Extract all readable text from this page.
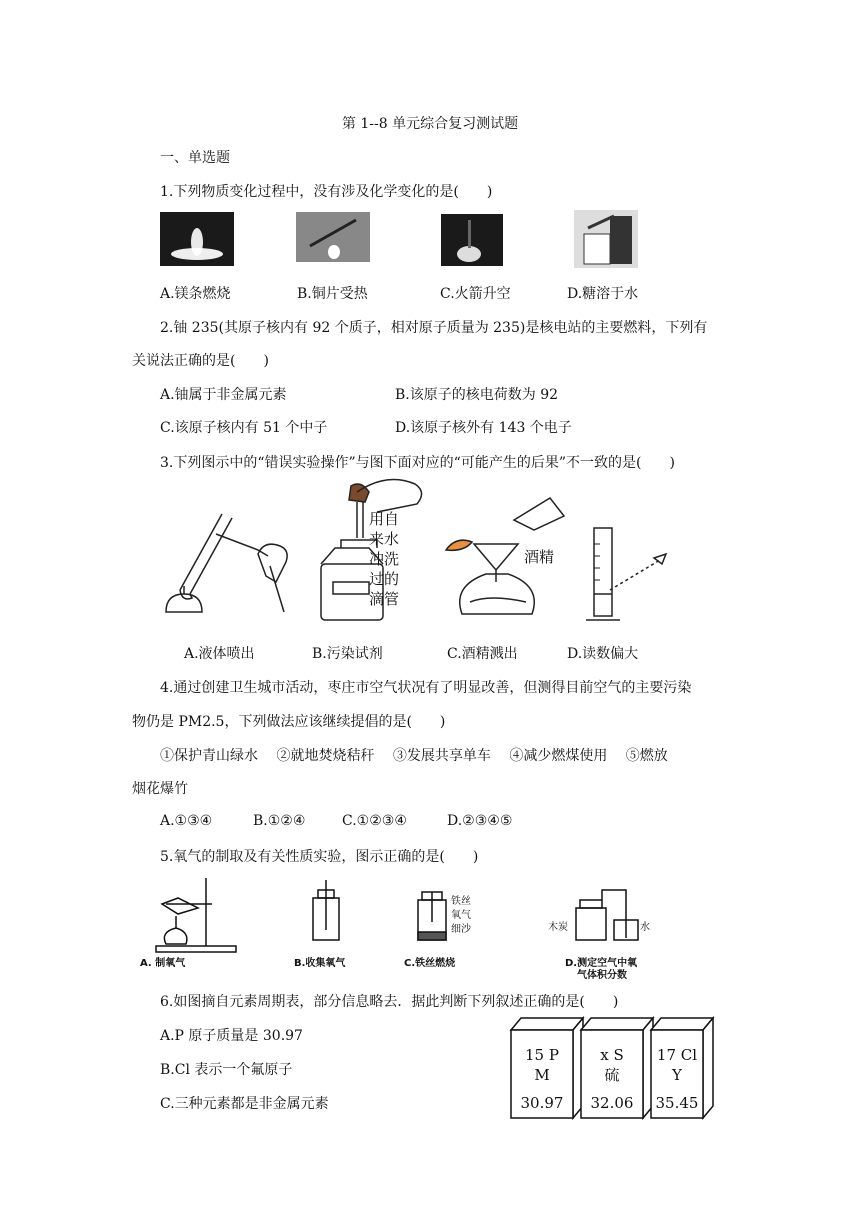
第 1--8 单元综合复习测试题
一、单选题
1.下列物质变化过程中，没有涉及化学变化的是(　　)
A.镁条燃烧	B.铜片受热	C.火箭升空	D.糖溶于水
2.铀 235(其原子核内有 92 个质子，相对原子质量为 235)是核电站的主要燃料，下列有
关说法正确的是(　　)
A.铀属于非金属元素	B.该原子的核电荷数为 92
C.该原子核内有 51 个中子	D.该原子核外有 143 个电子
3.下列图示中的“错误实验操作”与图下面对应的“可能产生的后果”不一致的是(　　)
用自
来水
冲洗
过的
滴管
酒精
A.液体喷出	B.污染试剂	C.酒精溅出	D.读数偏大
4.通过创建卫生城市活动，枣庄市空气状况有了明显改善，但测得目前空气的主要污染
物仍是 PM2.5，下列做法应该继续提倡的是(　　)
①保护青山绿水　 ②就地焚烧秸秆　 ③发展共享单车　 ④减少燃煤使用　 ⑤燃放
烟花爆竹
A.①③④	B.①②④	C.①②③④	D.②③④⑤
5.氧气的制取及有关性质实验，图示正确的是(　　)
铁丝
氧气
细沙	木炭	水
A. 制氧气	B.收集氧气	C.铁丝燃烧	D.测定空气中氧
气体积分数
6.如图摘自元素周期表，部分信息略去．据此判断下列叙述正确的是(　　)
A.P 原子质量是 30.97
B.Cl 表示一个氟原子
C.三种元素都是非金属元素
15 P
M
30.97
x S
硫
32.06
17 Cl
Y
35.45
